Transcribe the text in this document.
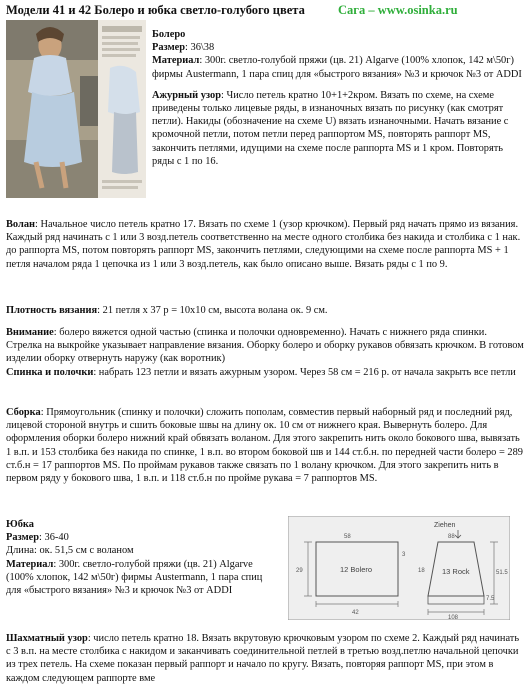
Модели 41 и 42 Болеро и юбка светло-голубого цвета	Сага – www.osinka.ru

Болеро

Размер: 36\38

Материал: 300г. светло-голубой пряжи (цв. 21) Algarve (100% хлопок, 142 м\50г) фирмы Austermann, 1 пара спиц для «быстрого вязания» №3 и крючок №3 от ADDI

Ажурный узор: Число петель кратно 10+1+2кром. Вязать по схеме, на схеме приведены только лицевые ряды, в изнаночных вязать по рисунку (как смотрят петли). Накиды (обозначение на схеме U) вязать изнаночными. Начать вязание с кромочной петли, потом петли перед раппортом MS, повторять раппорт MS, закончить петлями, идущими на схеме после раппорта MS и 1 кром. Повторять ряды с 1 по 16.

Волан: Начальное число петель кратно 17. Вязать по схеме 1 (узор крючком). Первый ряд начать прямо из вязания. Каждый ряд начинать с 1 или 3 возд.петель соответственно на месте одного столбика без накида и столбика с 1 нак. до раппорта MS, потом повторять раппорт MS, закончить петлями, следующими на схеме после раппорта MS + 1 петля началом ряда 1 цепочка из 1 или 3 возд.петель, как было описано выше. Вязать ряды с 1 по 9.

Плотность вязания: 21 петля х 37 р = 10х10 см, высота волана ок. 9 см.

Внимание: болеро вяжется одной частью (спинка и полочки одновременно). Начать с нижнего ряда спинки. Стрелка на выкройке указывает направление вязания. Оборку болеро и оборку рукавов обвязать крючком. В готовом изделии оборку отвернуть наружу (как воротник)

Спинка и полочки: набрать 123 петли и вязать ажурным узором. Через 58 см = 216 р. от начала закрыть все петли

Сборка: Прямоугольник (спинку и полочки) сложить пополам, совместив первый наборный ряд и последний ряд, лицевой стороной внутрь и сшить боковые швы на длину ок. 10 см от нижнего края. Вывернуть болеро. Для оформления оборки болеро нижний край обвязать воланом. Для этого закрепить нить около бокового шва, вывязать 1 в.п. и 153 столбика без накида по спинке, 1 в.п. во втором боковой шв и 144 ст.б.н. по передней части болеро = 289 ст.б.н = 17 раппортов MS. По проймам рукавов также связать по 1 волану крючком. Для этого закрепить нить в первом ряду у бокового шва, 1 в.п. и 118 ст.б.н по пройме рукава = 7 раппортов MS.

Юбка

Размер: 36-40

Длина: ок. 51,5 см с воланом

Материал: 300г. светло-голубой пряжи (цв. 21) Algarve (100% хлопок, 142 м\50г) фирмы Austermann, 1 пара спиц для «быстрого вязания» №3 и крючок №3 от ADDI

Ziehen
12 Bolero	13 Rock
58
29
3
42
18
7.5
51.5
88
108

Шахматный узор: число петель кратно 18. Вязать вкрутовую крючковым узором по схеме 2. Каждый ряд начинать с 3 в.п. на месте столбика с накидом и заканчивать соединительной петлей в третью возд.петлю начальной цепочки из трех петель. На схеме показан первый раппорт и начало по кругу. Вязать, повторяя раппорт MS, при этом в каждом следующем раппорте вме
